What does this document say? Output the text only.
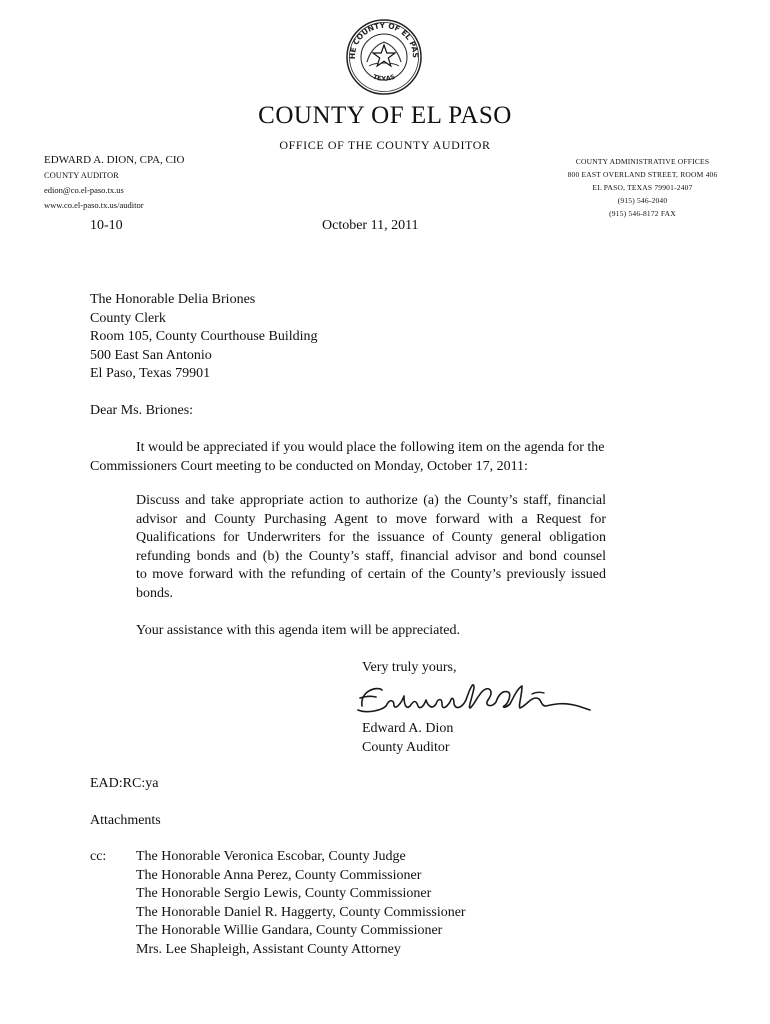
HE COUNTY OF EL PAS
TEXAS
COUNTY OF EL PASO
OFFICE OF THE COUNTY AUDITOR
EDWARD A. DION, CPA, CIO
COUNTY AUDITOR
edion@co.el-paso.tx.us
www.co.el-paso.tx.us/auditor
COUNTY ADMINISTRATIVE OFFICES
800 EAST OVERLAND STREET, ROOM 406
EL PASO, TEXAS 79901-2407
(915) 546-2040
(915) 546-8172 FAX
10-10	October 11, 2011
The Honorable Delia Briones
County Clerk
Room 105, County Courthouse Building
500 East San Antonio
El Paso, Texas 79901
Dear Ms. Briones:
It would be appreciated if you would place the following item on the agenda for the
Commissioners Court meeting to be conducted on Monday, October 17, 2011:
Discuss and take appropriate action to authorize (a) the County’s staff, financial
advisor and County Purchasing Agent to move forward with a Request for
Qualifications for Underwriters for the issuance of County general obligation
refunding bonds and (b) the County’s staff, financial advisor and bond counsel
to move forward with the refunding of certain of the County’s previously issued
bonds.
Your assistance with this agenda item will be appreciated.
Very truly yours,
Edward A. Dion
County Auditor
EAD:RC:ya
Attachments
cc: The Honorable Veronica Escobar, County Judge
The Honorable Anna Perez, County Commissioner
The Honorable Sergio Lewis, County Commissioner
The Honorable Daniel R. Haggerty, County Commissioner
The Honorable Willie Gandara, County Commissioner
Mrs. Lee Shapleigh, Assistant County Attorney
